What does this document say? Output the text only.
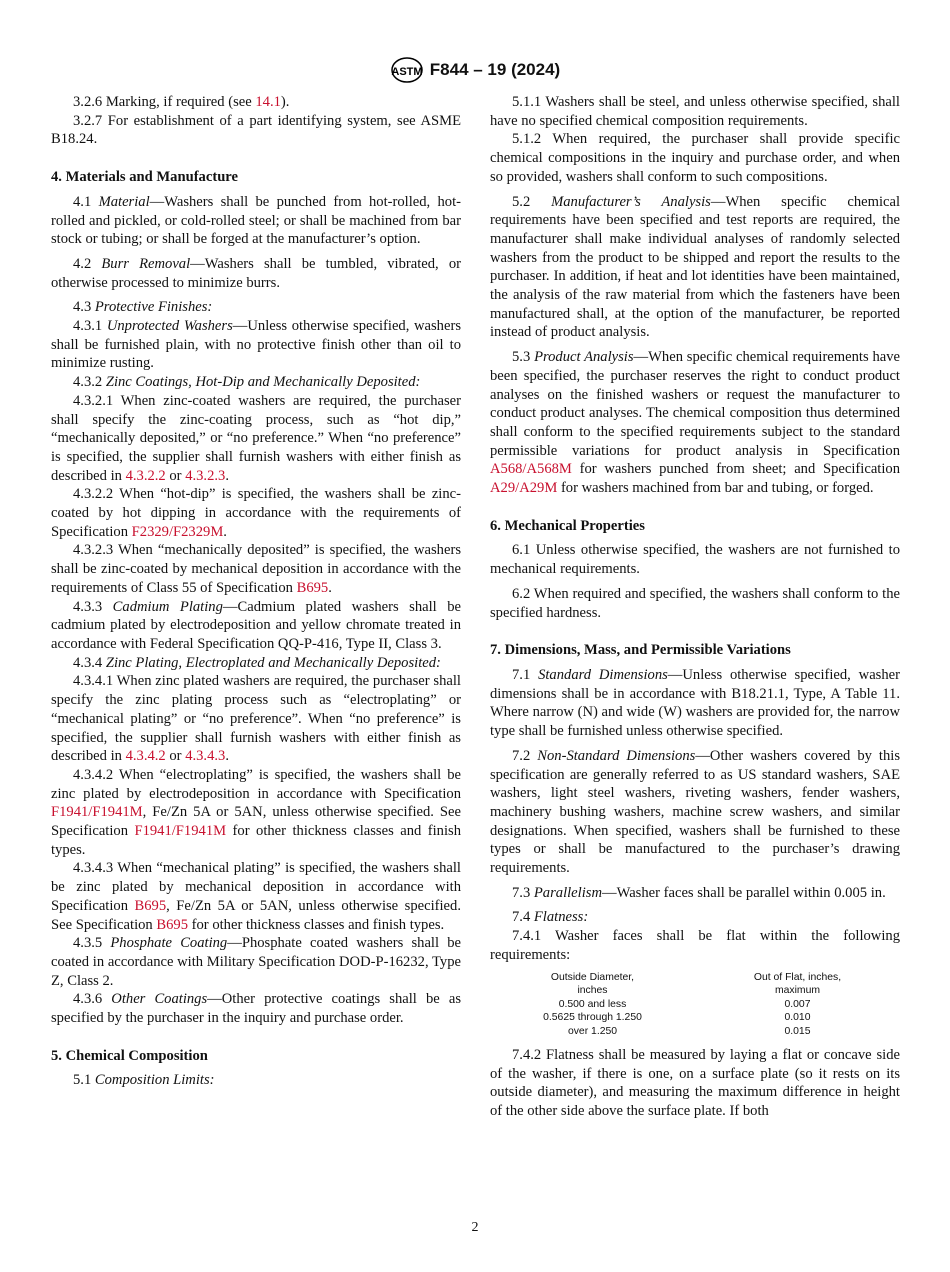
ASTM F844 – 19 (2024)

3.2.6 Marking, if required (see 14.1).

3.2.7 For establishment of a part identifying system, see ASME B18.24.

4. Materials and Manufacture

4.1 Material—Washers shall be punched from hot-rolled, hot-rolled and pickled, or cold-rolled steel; or shall be machined from bar stock or tubing; or shall be forged at the manufacturer’s option.

4.2 Burr Removal—Washers shall be tumbled, vibrated, or otherwise processed to minimize burrs.

4.3 Protective Finishes:

4.3.1 Unprotected Washers—Unless otherwise specified, washers shall be furnished plain, with no protective finish other than oil to minimize rusting.

4.3.2 Zinc Coatings, Hot-Dip and Mechanically Deposited:

4.3.2.1 When zinc-coated washers are required, the purchaser shall specify the zinc-coating process, such as “hot dip,” “mechanically deposited,” or “no preference.” When “no preference” is specified, the supplier shall furnish washers with either finish as described in 4.3.2.2 or 4.3.2.3.

4.3.2.2 When “hot-dip” is specified, the washers shall be zinc-coated by hot dipping in accordance with the requirements of Specification F2329/F2329M.

4.3.2.3 When “mechanically deposited” is specified, the washers shall be zinc-coated by mechanical deposition in accordance with the requirements of Class 55 of Specification B695.

4.3.3 Cadmium Plating—Cadmium plated washers shall be cadmium plated by electrodeposition and yellow chromate treated in accordance with Federal Specification QQ-P-416, Type II, Class 3.

4.3.4 Zinc Plating, Electroplated and Mechanically Deposited:

4.3.4.1 When zinc plated washers are required, the purchaser shall specify the zinc plating process such as “electroplating” or “mechanical plating” or “no preference”. When “no preference” is specified, the supplier shall furnish washers with either finish as described in 4.3.4.2 or 4.3.4.3.

4.3.4.2 When “electroplating” is specified, the washers shall be zinc plated by electrodeposition in accordance with Specification F1941/F1941M, Fe/Zn 5A or 5AN, unless otherwise specified. See Specification F1941/F1941M for other thickness classes and finish types.

4.3.4.3 When “mechanical plating” is specified, the washers shall be zinc plated by mechanical deposition in accordance with Specification B695, Fe/Zn 5A or 5AN, unless otherwise specified. See Specification B695 for other thickness classes and finish types.

4.3.5 Phosphate Coating—Phosphate coated washers shall be coated in accordance with Military Specification DOD-P-16232, Type Z, Class 2.

4.3.6 Other Coatings—Other protective coatings shall be as specified by the purchaser in the inquiry and purchase order.

5. Chemical Composition

5.1 Composition Limits:

5.1.1 Washers shall be steel, and unless otherwise specified, shall have no specified chemical composition requirements.

5.1.2 When required, the purchaser shall provide specific chemical compositions in the inquiry and purchase order, and when so provided, washers shall conform to such compositions.

5.2 Manufacturer’s Analysis—When specific chemical requirements have been specified and test reports are required, the manufacturer shall make individual analyses of randomly selected washers from the product to be shipped and report the results to the purchaser. In addition, if heat and lot identities have been maintained, the analysis of the raw material from which the fasteners have been manufactured shall, at the option of the manufacturer, be reported instead of product analysis.

5.3 Product Analysis—When specific chemical requirements have been specified, the purchaser reserves the right to conduct product analyses on the finished washers or request the manufacturer to conduct product analyses. The chemical composition thus determined shall conform to the specified requirements subject to the standard permissible variations for product analysis in Specification A568/A568M for washers punched from sheet; and Specification A29/A29M for washers machined from bar and tubing, or forged.

6. Mechanical Properties

6.1 Unless otherwise specified, the washers are not furnished to mechanical requirements.

6.2 When required and specified, the washers shall conform to the specified hardness.

7. Dimensions, Mass, and Permissible Variations

7.1 Standard Dimensions—Unless otherwise specified, washer dimensions shall be in accordance with B18.21.1, Type, A Table 11. Where narrow (N) and wide (W) washers are provided for, the narrow type shall be furnished unless otherwise specified.

7.2 Non-Standard Dimensions—Other washers covered by this specification are generally referred to as US standard washers, SAE washers, light steel washers, riveting washers, fender washers, machinery bushing washers, machine screw washers, and similar designations. When specified, washers shall be furnished to these types or shall be manufactured to the purchaser’s drawing requirements.

7.3 Parallelism—Washer faces shall be parallel within 0.005 in.

7.4 Flatness:

7.4.1 Washer faces shall be flat within the following requirements:

Outside Diameter,	Out of Flat, inches,
inches	maximum
0.500 and less	0.007
0.5625 through 1.250	0.010
over 1.250	0.015

7.4.2 Flatness shall be measured by laying a flat or concave side of the washer, if there is one, on a surface plate (so it rests on its outside diameter), and measuring the maximum difference in height of the other side above the surface plate. If both

2
